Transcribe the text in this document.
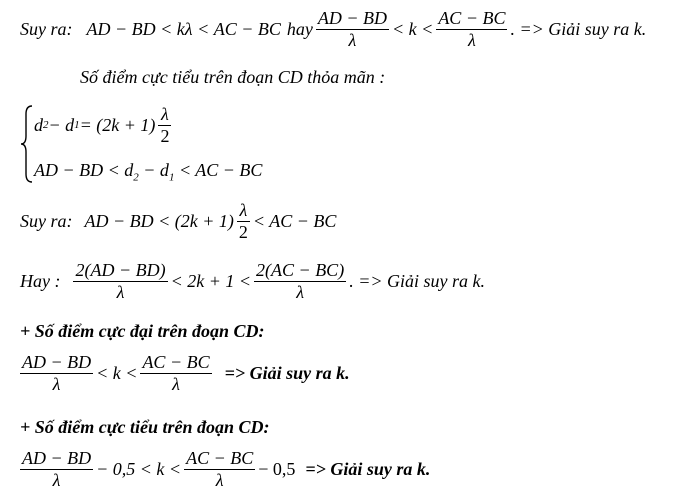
Suy ra: AD − BD < kλ < AC − BC hay $\frac{AD - BD}{\lambda} < k < \frac{AC - BC}{\lambda}$ . => Giải suy ra k.
Số điểm cực tiểu trên đoạn CD thỏa mãn :
d 2 − d $1 = (2k + 1) \frac{\lambda}{2}$
AD − BD < $d_2 - d_1$ < AC − BC
Suy ra: AD − BD < $(2k + 1) \frac{\lambda}{2}$ < AC − BC
Hay : $\frac{2(AD - BD)}{\lambda} < 2k + 1 < \frac{2(AC - BC)}{\lambda}$ . => Giải suy ra k.
+ Số điểm cực đại trên đoạn CD:
$\frac{AD - BD}{\lambda} < k < \frac{AC - BC}{\lambda}$ => Giải suy ra k.
+ Số điểm cực tiểu trên đoạn CD:
$\frac{AD - BD}{\lambda} - 0,5 < k < \frac{AC - BC}{\lambda} - 0,5$ => Giải suy ra k.
